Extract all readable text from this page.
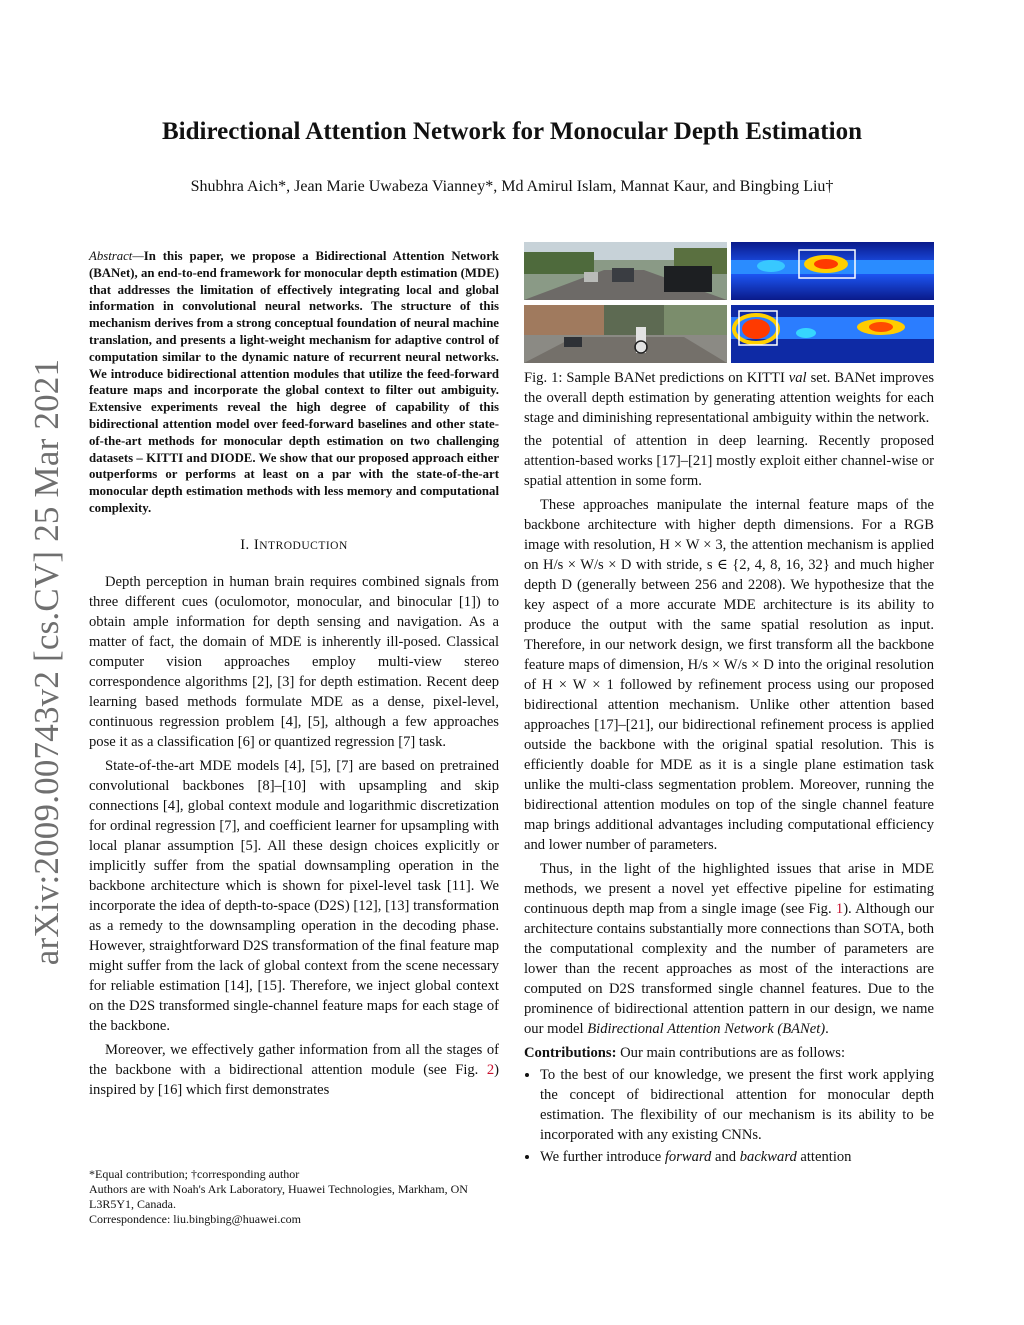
arXiv:2009.00743v2 [cs.CV] 25 Mar 2021
Bidirectional Attention Network for Monocular Depth Estimation
Shubhra Aich*, Jean Marie Uwabeza Vianney*, Md Amirul Islam, Mannat Kaur, and Bingbing Liu†
Abstract—In this paper, we propose a Bidirectional Attention Network (BANet), an end-to-end framework for monocular depth estimation (MDE) that addresses the limitation of effectively integrating local and global information in convolutional neural networks. The structure of this mechanism derives from a strong conceptual foundation of neural machine translation, and presents a light-weight mechanism for adaptive control of computation similar to the dynamic nature of recurrent neural networks. We introduce bidirectional attention modules that utilize the feed-forward feature maps and incorporate the global context to filter out ambiguity. Extensive experiments reveal the high degree of capability of this bidirectional attention model over feed-forward baselines and other state-of-the-art methods for monocular depth estimation on two challenging datasets – KITTI and DIODE. We show that our proposed approach either outperforms or performs at least on a par with the state-of-the-art monocular depth estimation methods with less memory and computational complexity.
I. INTRODUCTION

Depth perception in human brain requires combined signals from three different cues (oculomotor, monocular, and binocular [1]) to obtain ample information for depth sensing and navigation. As a matter of fact, the domain of MDE is inherently ill-posed. Classical computer vision approaches employ multi-view stereo correspondence algorithms [2], [3] for depth estimation. Recent deep learning based methods formulate MDE as a dense, pixel-level, continuous regression problem [4], [5], although a few approaches pose it as a classification [6] or quantized regression [7] task.

State-of-the-art MDE models [4], [5], [7] are based on pretrained convolutional backbones [8]–[10] with upsampling and skip connections [4], global context module and logarithmic discretization for ordinal regression [7], and coefficient learner for upsampling with local planar assumption [5]. All these design choices explicitly or implicitly suffer from the spatial downsampling operation in the backbone architecture which is shown for pixel-level task [11]. We incorporate the idea of depth-to-space (D2S) [12], [13] transformation as a remedy to the downsampling operation in the decoding phase. However, straightforward D2S transformation of the final feature map might suffer from the lack of global context from the scene necessary for reliable estimation [14], [15]. Therefore, we inject global context on the D2S transformed single-channel feature maps for each stage of the backbone.

Moreover, we effectively gather information from all the stages of the backbone with a bidirectional attention module (see Fig. 2) inspired by [16] which first demonstrates

*Equal contribution; †corresponding author
Authors are with Noah's Ark Laboratory, Huawei Technologies, Markham, ON L3R5Y1, Canada.
Correspondence: liu.bingbing@huawei.com
Fig. 1: Sample BANet predictions on KITTI val set. BANet improves the overall depth estimation by generating attention weights for each stage and diminishing representational ambiguity within the network.

the potential of attention in deep learning. Recently proposed attention-based works [17]–[21] mostly exploit either channel-wise or spatial attention in some form.

These approaches manipulate the internal feature maps of the backbone architecture with higher depth dimensions. For a RGB image with resolution, H × W × 3, the attention mechanism is applied on H/s × W/s × D with stride, s ∈ {2, 4, 8, 16, 32} and much higher depth D (generally between 256 and 2208). We hypothesize that the key aspect of a more accurate MDE architecture is its ability to produce the output with the same spatial resolution as input. Therefore, in our network design, we first transform all the backbone feature maps of dimension, H/s × W/s × D into the original resolution of H × W × 1 followed by refinement process using our proposed bidirectional attention mechanism. Unlike other attention based approaches [17]–[21], our bidirectional refinement process is applied outside the backbone with the original spatial resolution. This is efficiently doable for MDE as it is a single plane estimation task unlike the multi-class segmentation problem. Moreover, running the bidirectional attention modules on top of the single channel feature map brings additional advantages including computational efficiency and lower number of parameters.

Thus, in the light of the highlighted issues that arise in MDE methods, we present a novel yet effective pipeline for estimating continuous depth map from a single image (see Fig. 1). Although our architecture contains substantially more connections than SOTA, both the computational complexity and the number of parameters are lower than the recent approaches as most of the interactions are computed on D2S transformed single channel features. Due to the prominence of bidirectional attention pattern in our design, we name our model Bidirectional Attention Network (BANet).

Contributions: Our main contributions are as follows:
• To the best of our knowledge, we present the first work applying the concept of bidirectional attention for monocular depth estimation. The flexibility of our mechanism is its ability to be incorporated with any existing CNNs.
• We further introduce forward and backward attention
